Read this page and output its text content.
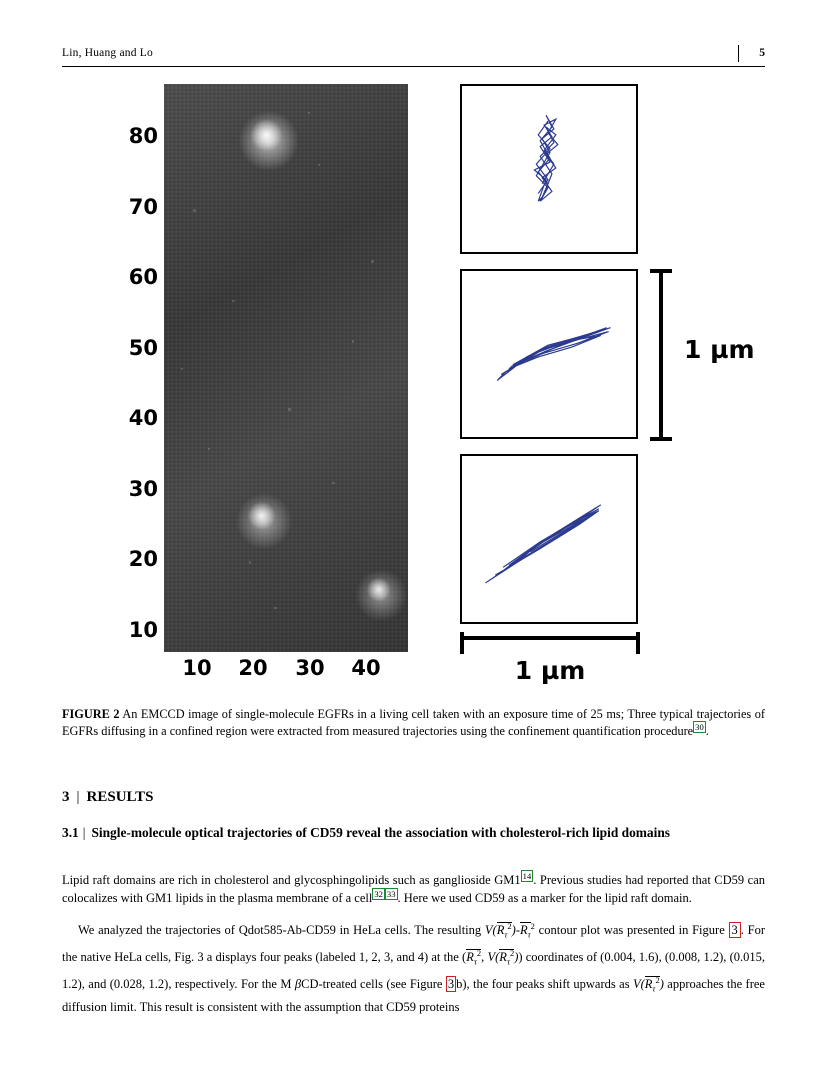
Lin, Huang and Lo	5
80
70
60
50
40
30
20
10
10 20 30 40
1 µm
1 µm
FIGURE 2 An EMCCD image of single-molecule EGFRs in a living cell taken with an exposure time of 25 ms; Three typical trajectories of EGFRs diffusing in a confined region were extracted from measured trajectories using the confinement quantification procedure $^{30}$ .
3 | RESULTS
3.1 | Single-molecule optical trajectories of CD59 reveal the association with cholesterol-rich lipid domains
Lipid raft domains are rich in cholesterol and glycosphingolipids such as ganglioside GM1 $^{14}$ . Previous studies had reported that CD59 can colocalizes with GM1 lipids in the plasma membrane of a cell $^{32}$ $^{33}$ . Here we used CD59 as a marker for the lipid raft domain.
We analyzed the trajectories of Qdot585-Ab-CD59 in HeLa cells. The resulting $V(R_\tau^2)-R_\tau^2$ contour plot was presented in Figure 3 . For the native HeLa cells, Fig. 3 a displays four peaks (labeled 1, 2, 3, and 4) at the ($R_\tau^2$, $V(R_\tau^2)$) coordinates of (0.004, 1.6), (0.008, 1.2), (0.015, 1.2), and (0.028, 1.2), respectively. For the M βCD-treated cells (see Figure 3 b), the four peaks shift upwards as $V(R_\tau^2)$ approaches the free diffusion limit. This result is consistent with the assumption that CD59 proteins
